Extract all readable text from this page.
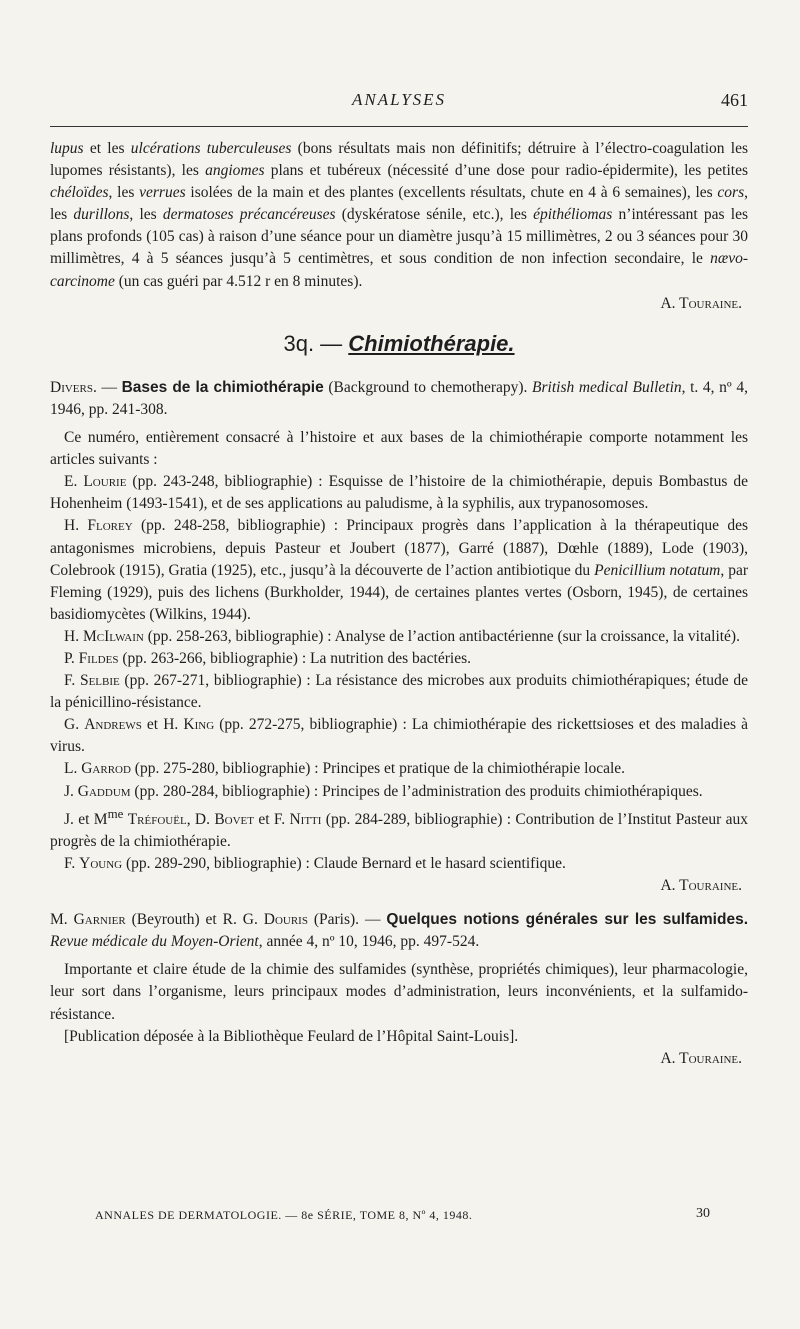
ANALYSES	461

lupus et les ulcérations tuberculeuses (bons résultats mais non définitifs; détruire à l’électro-coagulation les lupomes résistants), les angiomes plans et tubéreux (nécessité d’une dose pour radio-épidermite), les petites chéloïdes, les verrues isolées de la main et des plantes (excellents résultats, chute en 4 à 6 semaines), les cors, les durillons, les dermatoses précancéreuses (dyskératose sénile, etc.), les épithéliomas n’intéressant pas les plans profonds (105 cas) à raison d’une séance pour un diamètre jusqu’à 15 millimètres, 2 ou 3 séances pour 30 millimètres, 4 à 5 séances jusqu’à 5 centimètres, et sous condition de non infection secondaire, le nævo-carcinome (un cas guéri par 4.512 r en 8 minutes).

A. Touraine.

3q. — Chimiothérapie.

Divers. — Bases de la chimiothérapie (Background to chemotherapy). British medical Bulletin, t. 4, nº 4, 1946, pp. 241-308.

Ce numéro, entièrement consacré à l’histoire et aux bases de la chimiothérapie comporte notamment les articles suivants :

E. Lourie (pp. 243-248, bibliographie) : Esquisse de l’histoire de la chimiothérapie, depuis Bombastus de Hohenheim (1493-1541), et de ses applications au paludisme, à la syphilis, aux trypanosomoses.

H. Florey (pp. 248-258, bibliographie) : Principaux progrès dans l’application à la thérapeutique des antagonismes microbiens, depuis Pasteur et Joubert (1877), Garré (1887), Dœhle (1889), Lode (1903), Colebrook (1915), Gratia (1925), etc., jusqu’à la découverte de l’action antibiotique du Penicillium notatum, par Fleming (1929), puis des lichens (Burkholder, 1944), de certaines plantes vertes (Osborn, 1945), de certaines basidiomycètes (Wilkins, 1944).

H. McIlwain (pp. 258-263, bibliographie) : Analyse de l’action antibactérienne (sur la croissance, la vitalité).

P. Fildes (pp. 263-266, bibliographie) : La nutrition des bactéries.

F. Selbie (pp. 267-271, bibliographie) : La résistance des microbes aux produits chimiothérapiques; étude de la pénicillino-résistance.

G. Andrews et H. King (pp. 272-275, bibliographie) : La chimiothérapie des rickettsioses et des maladies à virus.

L. Garrod (pp. 275-280, bibliographie) : Principes et pratique de la chimiothérapie locale.

J. Gaddum (pp. 280-284, bibliographie) : Principes de l’administration des produits chimiothérapiques.

J. et $M^{me}$ Tréfouël, D. Bovet et F. Nitti (pp. 284-289, bibliographie) : Contribution de l’Institut Pasteur aux progrès de la chimiothérapie.

F. Young (pp. 289-290, bibliographie) : Claude Bernard et le hasard scientifique.

A. Touraine.

M. Garnier (Beyrouth) et R. G. Douris (Paris). — Quelques notions générales sur les sulfamides. Revue médicale du Moyen-Orient, année 4, nº 10, 1946, pp. 497-524.

Importante et claire étude de la chimie des sulfamides (synthèse, propriétés chimiques), leur pharmacologie, leur sort dans l’organisme, leurs principaux modes d’administration, leurs inconvénients, et la sulfamido-résistance.

[Publication déposée à la Bibliothèque Feulard de l’Hôpital Saint-Louis].

A. Touraine.

ANNALES DE DERMATOLOGIE. — 8e SÉRIE, TOME 8, Nº 4, 1948.	30
